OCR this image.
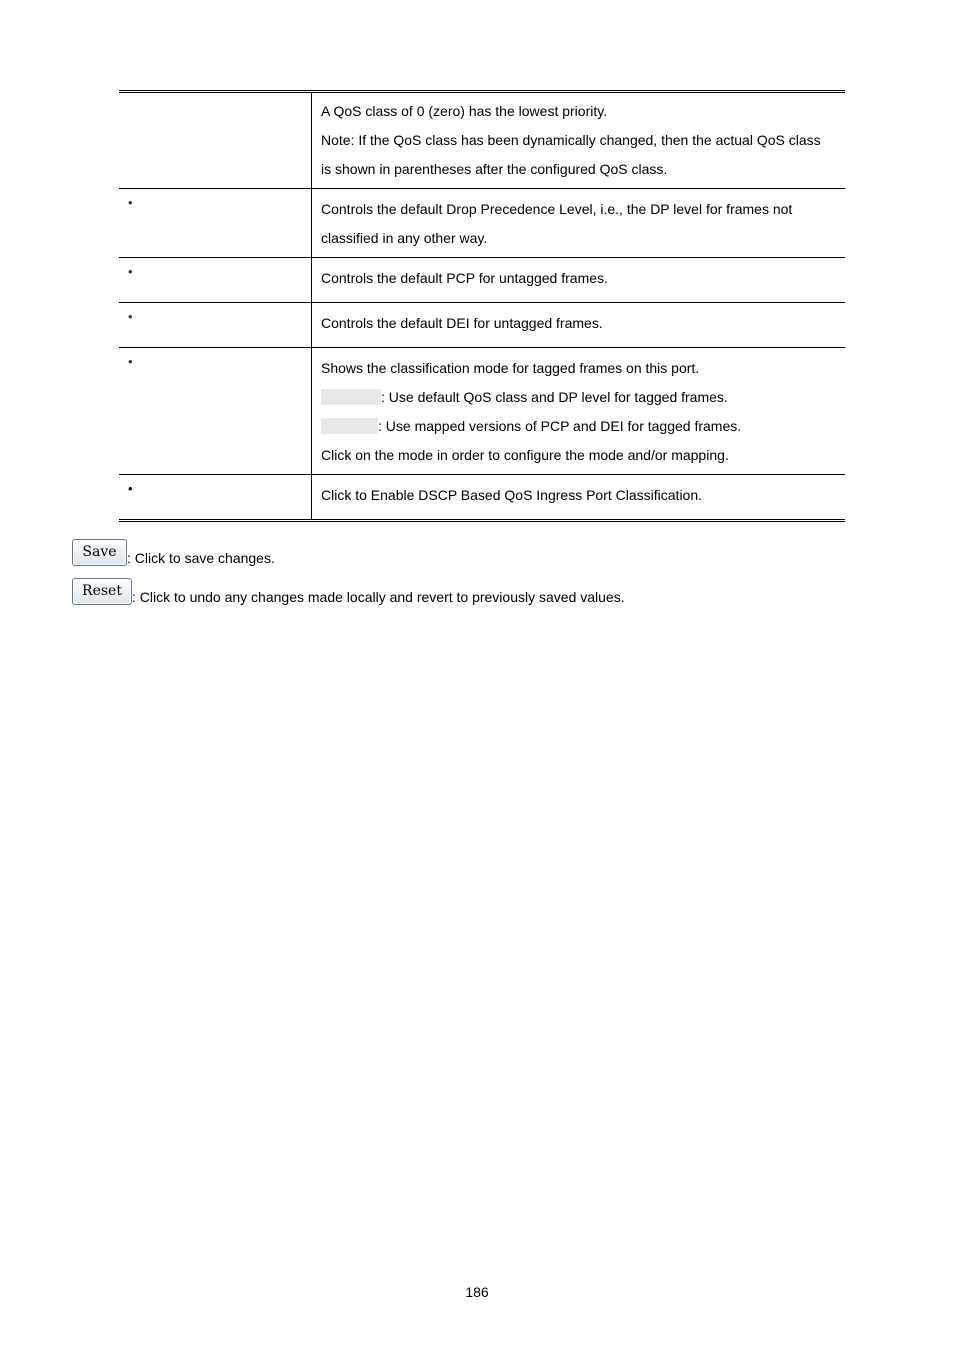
A QoS class of 0 (zero) has the lowest priority.
Note: If the QoS class has been dynamically changed, then the actual QoS class
is shown in parentheses after the configured QoS class.
•	Controls the default Drop Precedence Level, i.e., the DP level for frames not
classified in any other way.
•	Controls the default PCP for untagged frames.
•	Controls the default DEI for untagged frames.
•	Shows the classification mode for tagged frames on this port.
: Use default QoS class and DP level for tagged frames.
: Use mapped versions of PCP and DEI for tagged frames.
Click on the mode in order to configure the mode and/or mapping.
•	Click to Enable DSCP Based QoS Ingress Port Classification.
Save : Click to save changes.
Reset : Click to undo any changes made locally and revert to previously saved values.
186
